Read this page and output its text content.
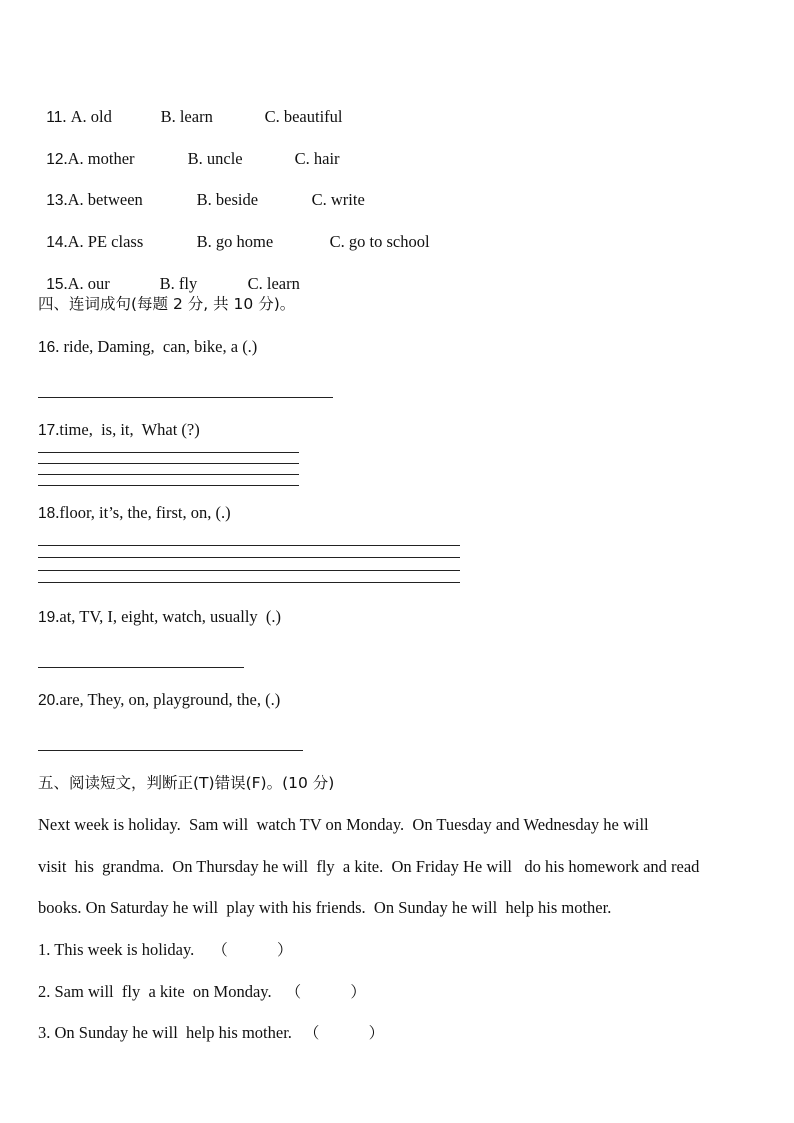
11. A. old	B. learn	C. beautiful

12.A. mother	B. uncle	C. hair

13.A. between	B. beside	C. write

14.A. PE class	B. go home	C. go to school

15.A. our	B. fly	C. learn

四、连词成句(每题 2 分, 共 10 分)。
16. ride, Daming,  can, bike, a (.)
17.time,  is, it,  What (?)
18.floor, it’s, the, first, on, (.)
19.at, TV, I, eight, watch, usually  (.)
20.are, They, on, playground, the, (.)
五、阅读短文，判断正(T)错误(F)。(10 分)
Next week is holiday.  Sam will  watch TV on Monday.  On Tuesday and Wednesday he will
visit  his  grandma.  On Thursday he will  fly  a kite.  On Friday He will   do his homework and read
books. On Saturday he will  play with his friends.  On Sunday he will  help his mother.
1. This week is holiday. （          ）
2. Sam will  fly  a kite  on Monday. （          ）
3. On Sunday he will  help his mother. （          ）
